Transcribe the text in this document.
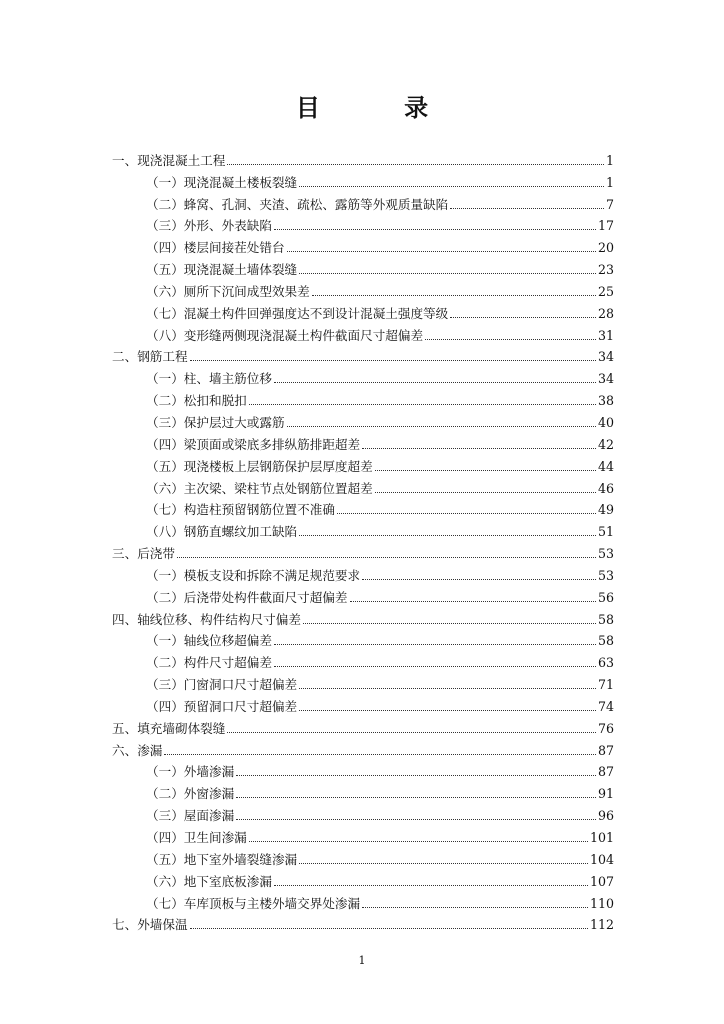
目 录
一、现浇混凝土工程	1
（一）现浇混凝土楼板裂缝	1
（二）蜂窝、孔洞、夹渣、疏松、露筋等外观质量缺陷	7
（三）外形、外表缺陷	17
（四）楼层间接茬处错台	20
（五）现浇混凝土墙体裂缝	23
（六）厕所下沉间成型效果差	25
（七）混凝土构件回弹强度达不到设计混凝土强度等级	28
（八）变形缝两侧现浇混凝土构件截面尺寸超偏差	31
二、钢筋工程	34
（一）柱、墙主筋位移	34
（二）松扣和脱扣	38
（三）保护层过大或露筋	40
（四）梁顶面或梁底多排纵筋排距超差	42
（五）现浇楼板上层钢筋保护层厚度超差	44
（六）主次梁、梁柱节点处钢筋位置超差	46
（七）构造柱预留钢筋位置不准确	49
（八）钢筋直螺纹加工缺陷	51
三、后浇带	53
（一）模板支设和拆除不满足规范要求	53
（二）后浇带处构件截面尺寸超偏差	56
四、轴线位移、构件结构尺寸偏差	58
（一）轴线位移超偏差	58
（二）构件尺寸超偏差	63
（三）门窗洞口尺寸超偏差	71
（四）预留洞口尺寸超偏差	74
五、填充墙砌体裂缝	76
六、渗漏	87
（一）外墙渗漏	87
（二）外窗渗漏	91
（三）屋面渗漏	96
（四）卫生间渗漏	101
（五）地下室外墙裂缝渗漏	104
（六）地下室底板渗漏	107
（七）车库顶板与主楼外墙交界处渗漏	110
七、外墙保温	112
1
